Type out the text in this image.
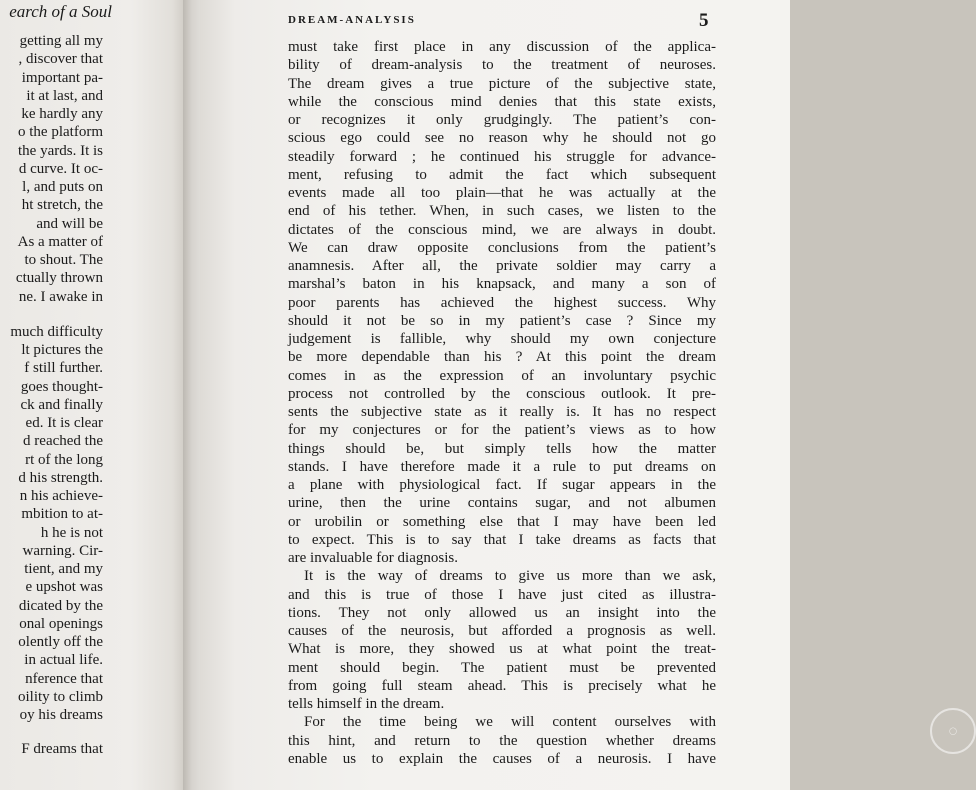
earch of a Soul
getting all my
, discover that
important pa-
it at last, and
ke hardly any
o the platform
the yards. It is
d curve. It oc-
l, and puts on
ht stretch, the
and will be
As a matter of
to shout. The
ctually thrown
ne. I awake in
much difficulty
lt pictures the
f still further.
goes thought-
ck and finally
ed. It is clear
d reached the
rt of the long
d his strength.
n his achieve-
mbition to at-
h he is not
warning. Cir-
tient, and my
e upshot was
dicated by the
onal openings
olently off the
in actual life.
nference that
oility to climb
oy his dreams
F dreams that
DREAM-ANALYSIS	5
must take first place in any discussion of the applica-
bility of dream-analysis to the treatment of neuroses.
The dream gives a true picture of the subjective state,
while the conscious mind denies that this state exists,
or recognizes it only grudgingly. The patient’s con-
scious ego could see no reason why he should not go
steadily forward ; he continued his struggle for advance-
ment, refusing to admit the fact which subsequent
events made all too plain—that he was actually at the
end of his tether. When, in such cases, we listen to the
dictates of the conscious mind, we are always in doubt.
We can draw opposite conclusions from the patient’s
anamnesis. After all, the private soldier may carry a
marshal’s baton in his knapsack, and many a son of
poor parents has achieved the highest success. Why
should it not be so in my patient’s case ? Since my
judgement is fallible, why should my own conjecture
be more dependable than his ? At this point the dream
comes in as the expression of an involuntary psychic
process not controlled by the conscious outlook. It pre-
sents the subjective state as it really is. It has no respect
for my conjectures or for the patient’s views as to how
things should be, but simply tells how the matter
stands. I have therefore made it a rule to put dreams on
a plane with physiological fact. If sugar appears in the
urine, then the urine contains sugar, and not albumen
or urobilin or something else that I may have been led
to expect. This is to say that I take dreams as facts that
are invaluable for diagnosis.
It is the way of dreams to give us more than we ask,
and this is true of those I have just cited as illustra-
tions. They not only allowed us an insight into the
causes of the neurosis, but afforded a prognosis as well.
What is more, they showed us at what point the treat-
ment should begin. The patient must be prevented
from going full steam ahead. This is precisely what he
tells himself in the dream.
For the time being we will content ourselves with
this hint, and return to the question whether dreams
enable us to explain the causes of a neurosis. I have
◯
